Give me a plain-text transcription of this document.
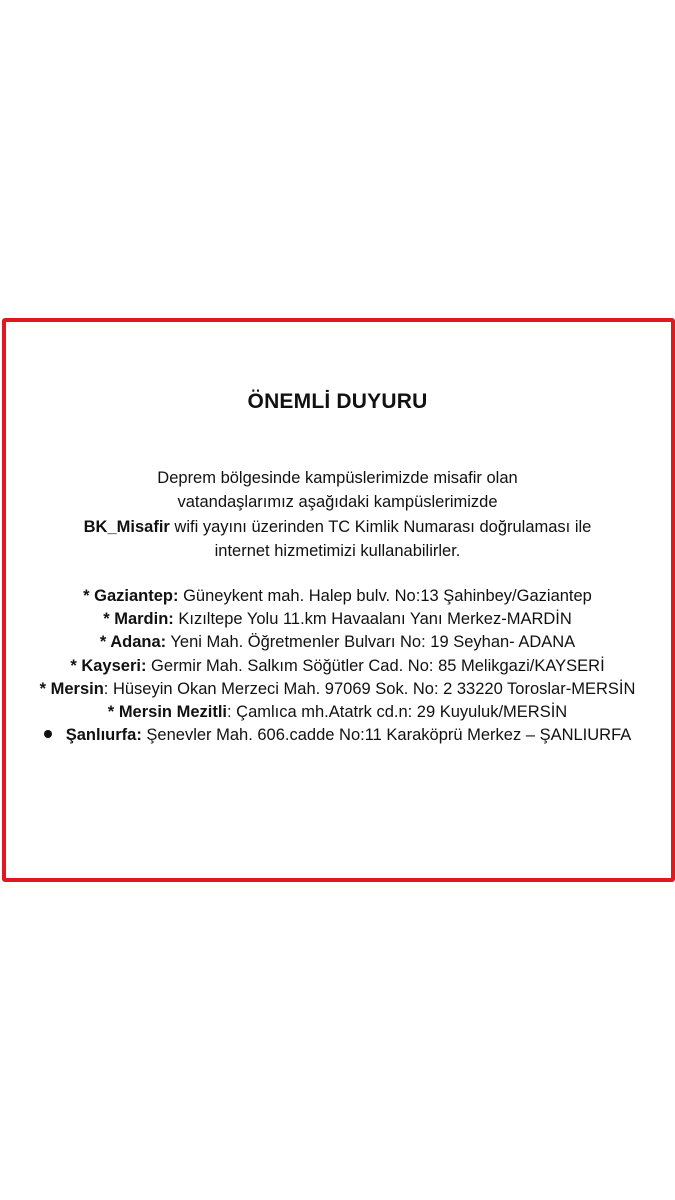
ÖNEMLİ DUYURU
Deprem bölgesinde kampüslerimizde misafir olan
vatandaşlarımız aşağıdaki kampüslerimizde
BK_Misafir wifi yayını üzerinden TC Kimlik Numarası doğrulaması ile
internet hizmetimizi kullanabilirler.
* Gaziantep: Güneykent mah. Halep bulv. No:13 Şahinbey/Gaziantep
* Mardin: Kızıltepe Yolu 11.km Havaalanı Yanı Merkez-MARDİN
* Adana: Yeni Mah. Öğretmenler Bulvarı No: 19 Seyhan- ADANA
* Kayseri: Germir Mah. Salkım Söğütler Cad. No: 85 Melikgazi/KAYSERİ
* Mersin: Hüseyin Okan Merzeci Mah. 97069 Sok. No: 2 33220 Toroslar-MERSİN
* Mersin Mezitli: Çamlıca mh.Atatrk cd.n: 29 Kuyuluk/MERSİN
Şanlıurfa: Şenevler Mah. 606.cadde No:11 Karaköprü Merkez – ŞANLIURFA
